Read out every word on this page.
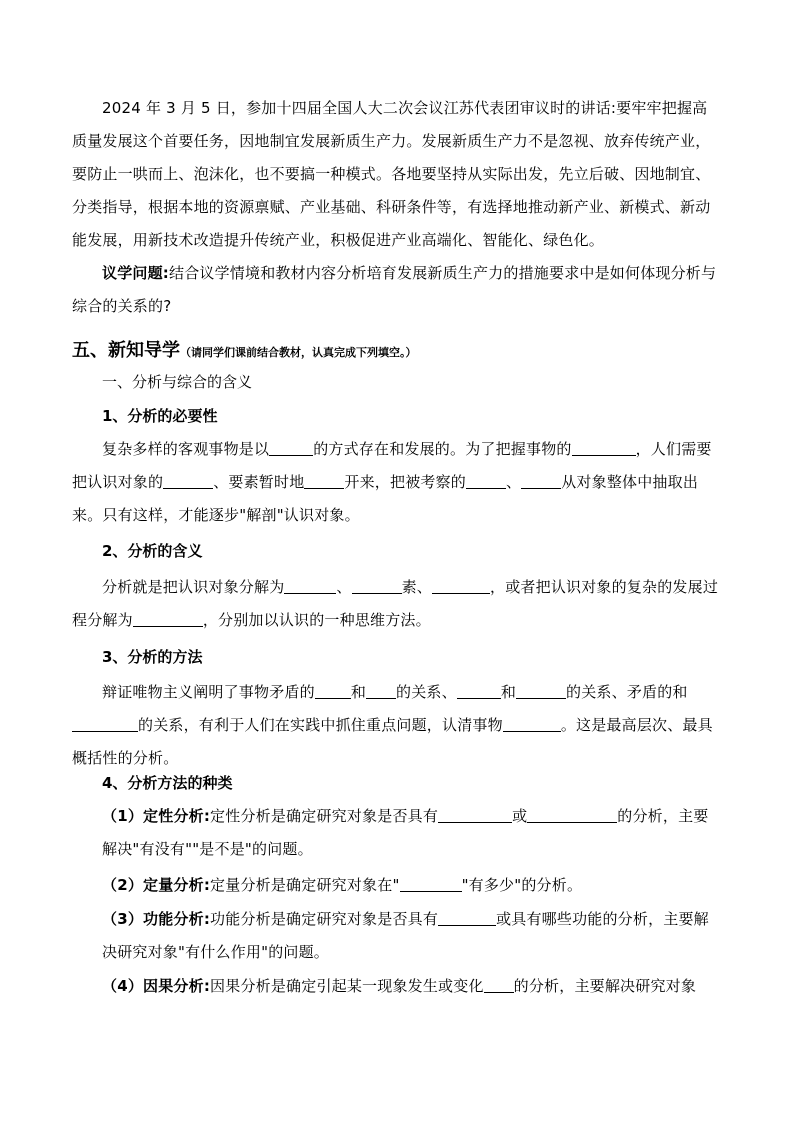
2024 年 3 月 5 日，参加十四届全国人大二次会议江苏代表团审议时的讲话:要牢牢把握高质量发展这个首要任务，因地制宜发展新质生产力。发展新质生产力不是忽视、放弃传统产业，要防止一哄而上、泡沫化，也不要搞一种模式。各地要坚持从实际出发，先立后破、因地制宜、分类指导，根据本地的资源禀赋、产业基础、科研条件等，有选择地推动新产业、新模式、新动能发展，用新技术改造提升传统产业，积极促进产业高端化、智能化、绿色化。
议学问题:结合议学情境和教材内容分析培育发展新质生产力的措施要求中是如何体现分析与综合的关系的?
五、新知导学（请同学们课前结合教材，认真完成下列填空。）
一、分析与综合的含义
1、分析的必要性
复杂多样的客观事物是以	的方式存在和发展的。为了把握事物的	，人们需要把认识对象的	、要素暂时地	开来，把被考察的	、	从对象整体中抽取出来。只有这样，才能逐步"解剖"认识对象。
2、分析的含义
分析就是把认识对象分解为	、	素、	，或者把认识对象的复杂的发展过程分解为	，分别加以认识的一种思维方法。
3、分析的方法
辩证唯物主义阐明了事物矛盾的 和 的关系、	和	的关系、矛盾的和的关系，有利于人们在实践中抓住重点问题，认清事物	。这是最高层次、最具概括性的分析。
4、分析方法的种类
（1）定性分析:定性分析是确定研究对象是否具有	或	的分析，主要解决"有没有""是不是"的问题。
（2）定量分析:定量分析是确定研究对象在"	"有多少"的分析。
（3）功能分析:功能分析是确定研究对象是否具有	或具有哪些功能的分析，主要解决研究对象"有什么作用"的问题。
（4）因果分析:因果分析是确定引起某一现象发生或变化 的分析，主要解决研究对象
